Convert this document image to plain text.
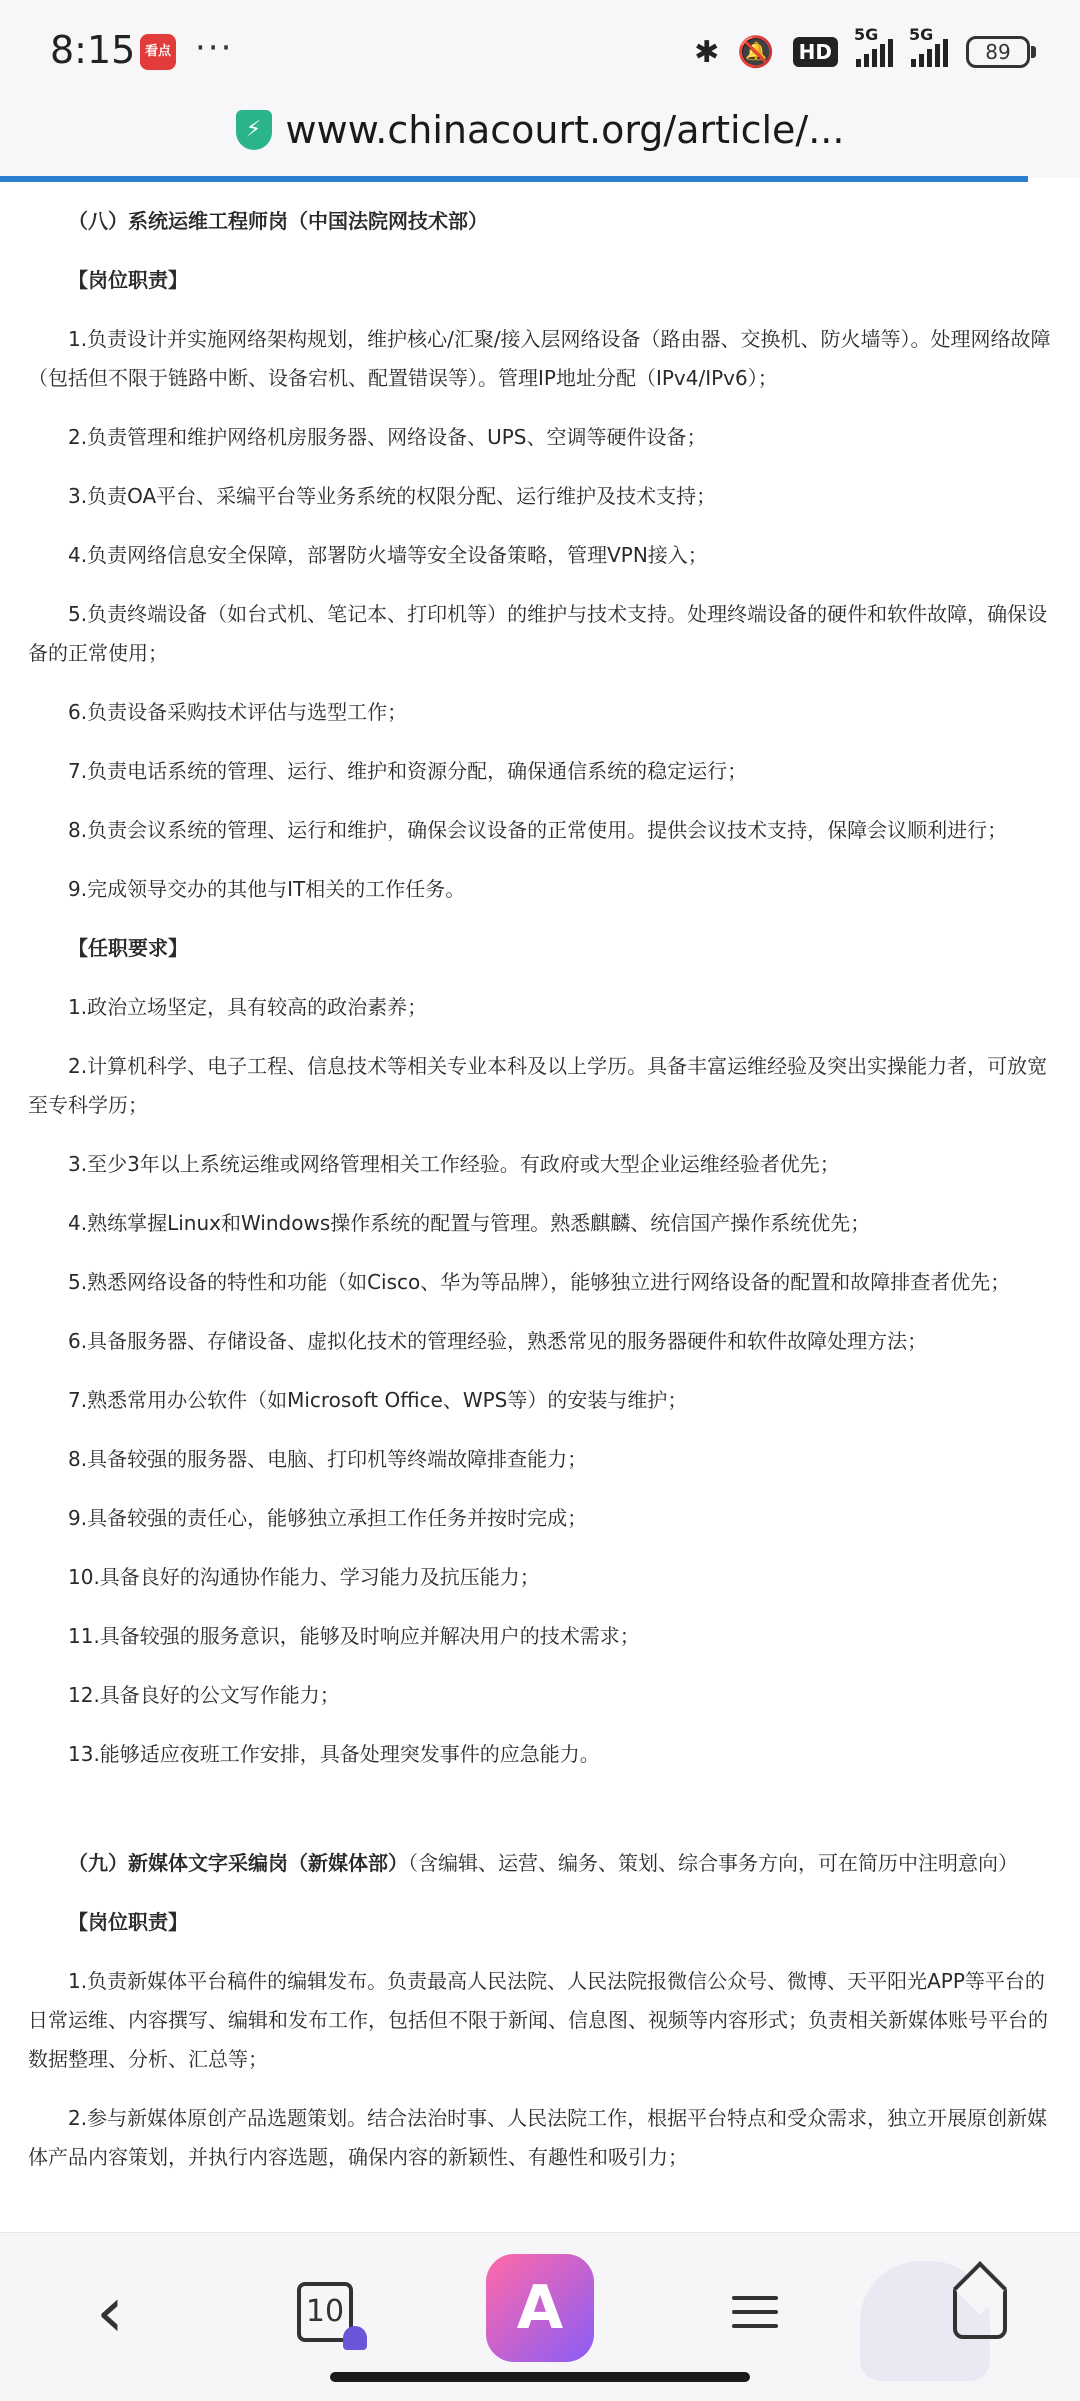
8:15 看点 ···	✱ 🔕	HD
5G 5G
89
⚡ www.chinacourt.org/article/...

（八）系统运维工程师岗（中国法院网技术部）

【岗位职责】

1.负责设计并实施网络架构规划，维护核心/汇聚/接入层网络设备（路由器、交换机、防火墙等）。处理网络故障（包括但不限于链路中断、设备宕机、配置错误等）。管理IP地址分配（IPv4/IPv6）；

2.负责管理和维护网络机房服务器、网络设备、UPS、空调等硬件设备；

3.负责OA平台、采编平台等业务系统的权限分配、运行维护及技术支持；

4.负责网络信息安全保障，部署防火墙等安全设备策略，管理VPN接入；

5.负责终端设备（如台式机、笔记本、打印机等）的维护与技术支持。处理终端设备的硬件和软件故障，确保设备的正常使用；

6.负责设备采购技术评估与选型工作；

7.负责电话系统的管理、运行、维护和资源分配，确保通信系统的稳定运行；

8.负责会议系统的管理、运行和维护，确保会议设备的正常使用。提供会议技术支持，保障会议顺利进行；

9.完成领导交办的其他与IT相关的工作任务。

【任职要求】

1.政治立场坚定，具有较高的政治素养；

2.计算机科学、电子工程、信息技术等相关专业本科及以上学历。具备丰富运维经验及突出实操能力者，可放宽至专科学历；

3.至少3年以上系统运维或网络管理相关工作经验。有政府或大型企业运维经验者优先；

4.熟练掌握Linux和Windows操作系统的配置与管理。熟悉麒麟、统信国产操作系统优先；

5.熟悉网络设备的特性和功能（如Cisco、华为等品牌），能够独立进行网络设备的配置和故障排查者优先；

6.具备服务器、存储设备、虚拟化技术的管理经验，熟悉常见的服务器硬件和软件故障处理方法；

7.熟悉常用办公软件（如Microsoft Office、WPS等）的安装与维护；

8.具备较强的服务器、电脑、打印机等终端故障排查能力；

9.具备较强的责任心，能够独立承担工作任务并按时完成；

10.具备良好的沟通协作能力、学习能力及抗压能力；

11.具备较强的服务意识，能够及时响应并解决用户的技术需求；

12.具备良好的公文写作能力；

13.能够适应夜班工作安排，具备处理突发事件的应急能力。

（九）新媒体文字采编岗（新媒体部）（含编辑、运营、编务、策划、综合事务方向，可在简历中注明意向）

【岗位职责】

1.负责新媒体平台稿件的编辑发布。负责最高人民法院、人民法院报微信公众号、微博、天平阳光APP等平台的日常运维、内容撰写、编辑和发布工作，包括但不限于新闻、信息图、视频等内容形式；负责相关新媒体账号平台的数据整理、分析、汇总等；

2.参与新媒体原创产品选题策划。结合法治时事、人民法院工作，根据平台特点和受众需求，独立开展原创新媒体产品内容策划，并执行内容选题，确保内容的新颖性、有趣性和吸引力；

‹	10	A
